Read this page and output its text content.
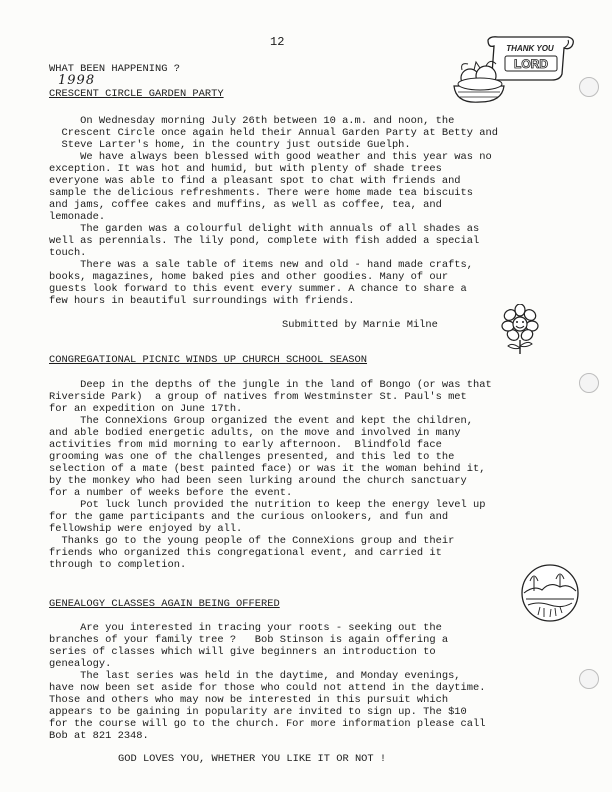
12	THANK YOU
LORD
WHAT BEEN HAPPENING ?
1998
CRESCENT CIRCLE GARDEN PARTY

On Wednesday morning July 26th between 10 a.m. and noon, the

Crescent Circle once again held their Annual Garden Party at Betty and

Steve Larter's home, in the country just outside Guelph.

We have always been blessed with good weather and this year was no

exception. It was hot and humid, but with plenty of shade trees

everyone was able to find a pleasant spot to chat with friends and

sample the delicious refreshments. There were home made tea biscuits

and jams, coffee cakes and muffins, as well as coffee, tea, and

lemonade.

The garden was a colourful delight with annuals of all shades as

well as perennials. The lily pond, complete with fish added a special

touch.

There was a sale table of items new and old - hand made crafts,

books, magazines, home baked pies and other goodies. Many of our

guests look forward to this event every summer. A chance to share a

few hours in beautiful surroundings with friends.

Submitted by Marnie Milne
CONGREGATIONAL PICNIC WINDS UP CHURCH SCHOOL SEASON

Deep in the depths of the jungle in the land of Bongo (or was that

Riverside Park)  a group of natives from Westminster St. Paul's met

for an expedition on June 17th.

The ConneXions Group organized the event and kept the children,

and able bodied energetic adults, on the move and involved in many

activities from mid morning to early afternoon.  Blindfold face

grooming was one of the challenges presented, and this led to the

selection of a mate (best painted face) or was it the woman behind it,

by the monkey who had been seen lurking around the church sanctuary

for a number of weeks before the event.

Pot luck lunch provided the nutrition to keep the energy level up

for the game participants and the curious onlookers, and fun and

fellowship were enjoyed by all.

Thanks go to the young people of the ConneXions group and their

friends who organized this congregational event, and carried it

through to completion.

GENEALOGY CLASSES AGAIN BEING OFFERED

Are you interested in tracing your roots - seeking out the

branches of your family tree ?   Bob Stinson is again offering a

series of classes which will give beginners an introduction to

genealogy.

The last series was held in the daytime, and Monday evenings,

have now been set aside for those who could not attend in the daytime.

Those and others who may now be interested in this pursuit which

appears to be gaining in popularity are invited to sign up. The $10

for the course will go to the church. For more information please call

Bob at 821 2348.

GOD LOVES YOU, WHETHER YOU LIKE IT OR NOT !
